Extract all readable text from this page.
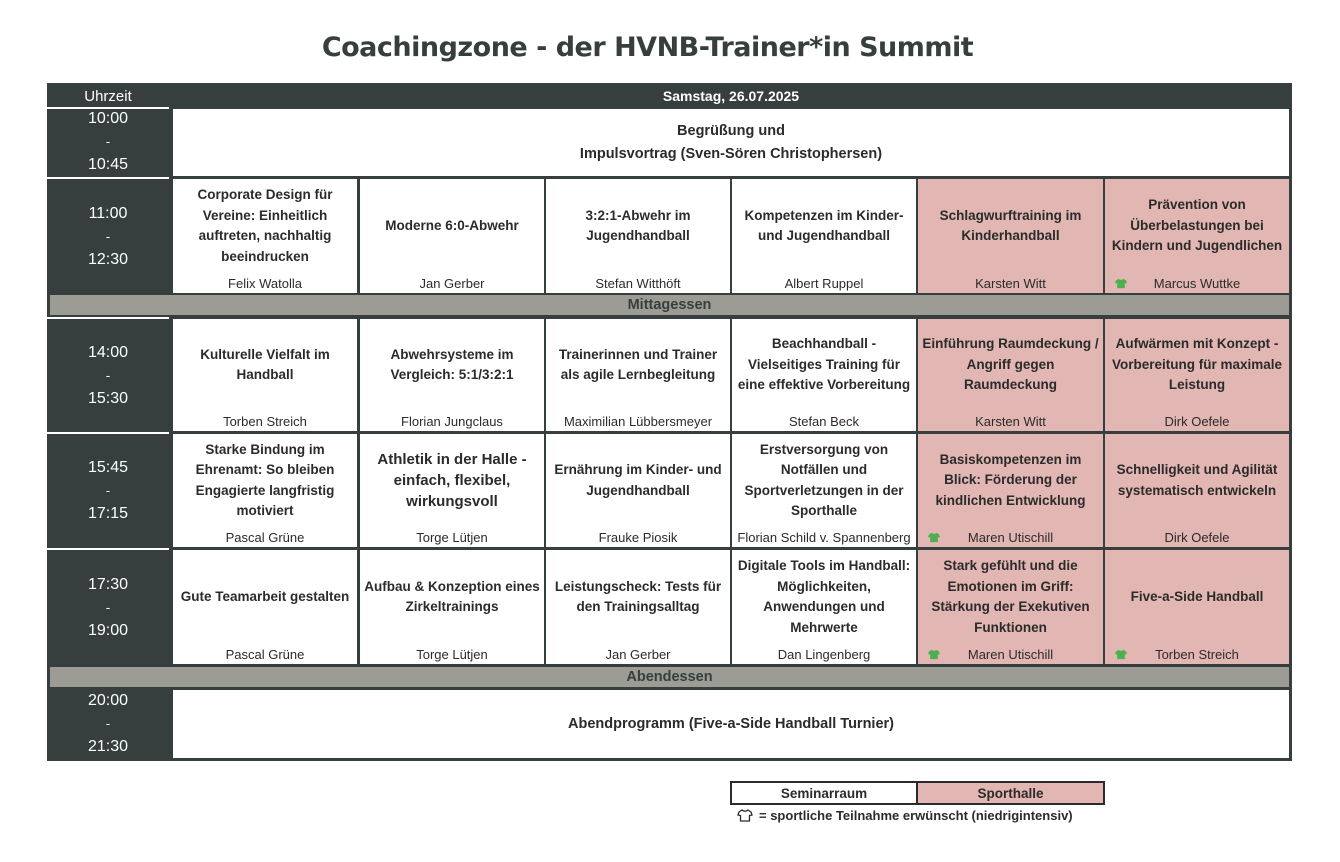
Coachingzone - der HVNB-Trainer*in Summit
Uhrzeit	Samstag, 26.07.2025
10:00
-
10:45
11:00
-
12:30
14:00
-
15:30
15:45
-
17:15
17:30
-
19:00
20:00
-
21:30
Begrüßung und
Impulsvortrag (Sven-Sören Christophersen)
Corporate Design für Vereine: Einheitlich auftreten, nachhaltig beeindrucken
Felix Watolla
Moderne 6:0-Abwehr
Jan Gerber
3:2:1-Abwehr im Jugendhandball
Stefan Witthöft
Kompetenzen im Kinder- und Jugendhandball
Albert Ruppel
Schlagwurftraining im Kinderhandball
Karsten Witt
Prävention von Überbelastungen bei Kindern und Jugendlichen
Marcus Wuttke
Kulturelle Vielfalt im Handball
Torben Streich
Abwehrsysteme im Vergleich: 5:1/3:2:1
Florian Jungclaus
Trainerinnen und Trainer als agile Lernbegleitung
Maximilian Lübbersmeyer
Beachhandball - Vielseitiges Training für eine effektive Vorbereitung
Stefan Beck
Einführung Raumdeckung / Angriff gegen Raumdeckung
Karsten Witt
Aufwärmen mit Konzept - Vorbereitung für maximale Leistung
Dirk Oefele
Starke Bindung im Ehrenamt: So bleiben Engagierte langfristig motiviert
Pascal Grüne
Athletik in der Halle - einfach, flexibel, wirkungsvoll
Torge Lütjen
Ernährung im Kinder- und Jugendhandball
Frauke Piosik
Erstversorgung von Notfällen und Sportverletzungen in der Sporthalle
Florian Schild v. Spannenberg
Basiskompetenzen im Blick: Förderung der kindlichen Entwicklung
Maren Utischill
Schnelligkeit und Agilität systematisch entwickeln
Dirk Oefele
Gute Teamarbeit gestalten
Pascal Grüne
Aufbau & Konzeption eines Zirkeltrainings
Torge Lütjen
Leistungscheck: Tests für den Trainingsalltag
Jan Gerber
Digitale Tools im Handball: Möglichkeiten, Anwendungen und Mehrwerte
Dan Lingenberg
Stark gefühlt und die Emotionen im Griff: Stärkung der Exekutiven Funktionen
Maren Utischill
Five-a-Side Handball
Torben Streich
Mittagessen
Abendessen
Abendprogramm (Five-a-Side Handball Turnier)
Seminarraum	Sporthalle
= sportliche Teilnahme erwünscht (niedrigintensiv)
